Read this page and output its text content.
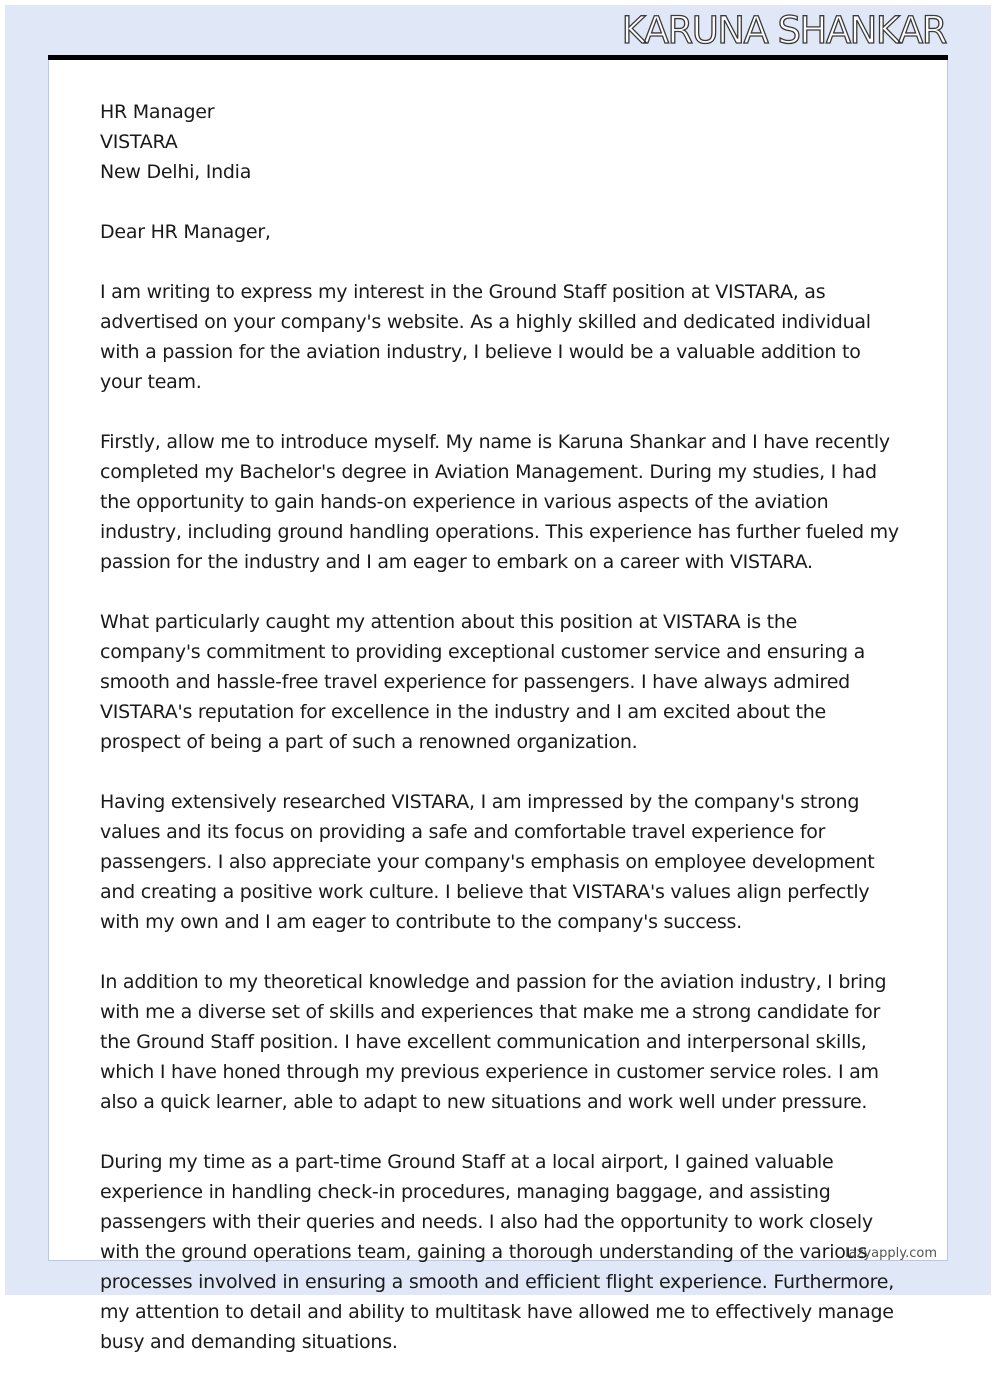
KARUNA SHANKAR

HR Manager

VISTARA

New Delhi, India

Dear HR Manager,

I am writing to express my interest in the Ground Staff position at VISTARA, as advertised on your company's website. As a highly skilled and dedicated individual with a passion for the aviation industry, I believe I would be a valuable addition to your team.

Firstly, allow me to introduce myself. My name is Karuna Shankar and I have recently completed my Bachelor's degree in Aviation Management. During my studies, I had the opportunity to gain hands-on experience in various aspects of the aviation industry, including ground handling operations. This experience has further fueled my passion for the industry and I am eager to embark on a career with VISTARA.

What particularly caught my attention about this position at VISTARA is the company's commitment to providing exceptional customer service and ensuring a smooth and hassle-free travel experience for passengers. I have always admired VISTARA's reputation for excellence in the industry and I am excited about the prospect of being a part of such a renowned organization.

Having extensively researched VISTARA, I am impressed by the company's strong values and its focus on providing a safe and comfortable travel experience for passengers. I also appreciate your company's emphasis on employee development and creating a positive work culture. I believe that VISTARA's values align perfectly with my own and I am eager to contribute to the company's success.

In addition to my theoretical knowledge and passion for the aviation industry, I bring with me a diverse set of skills and experiences that make me a strong candidate for the Ground Staff position. I have excellent communication and interpersonal skills, which I have honed through my previous experience in customer service roles. I am also a quick learner, able to adapt to new situations and work well under pressure.

During my time as a part-time Ground Staff at a local airport, I gained valuable experience in handling check-in procedures, managing baggage, and assisting passengers with their queries and needs. I also had the opportunity to work closely with the ground operations team, gaining a thorough understanding of the various processes involved in ensuring a smooth and efficient flight experience. Furthermore, my attention to detail and ability to multitask have allowed me to effectively manage busy and demanding situations.

lazyapply.com
